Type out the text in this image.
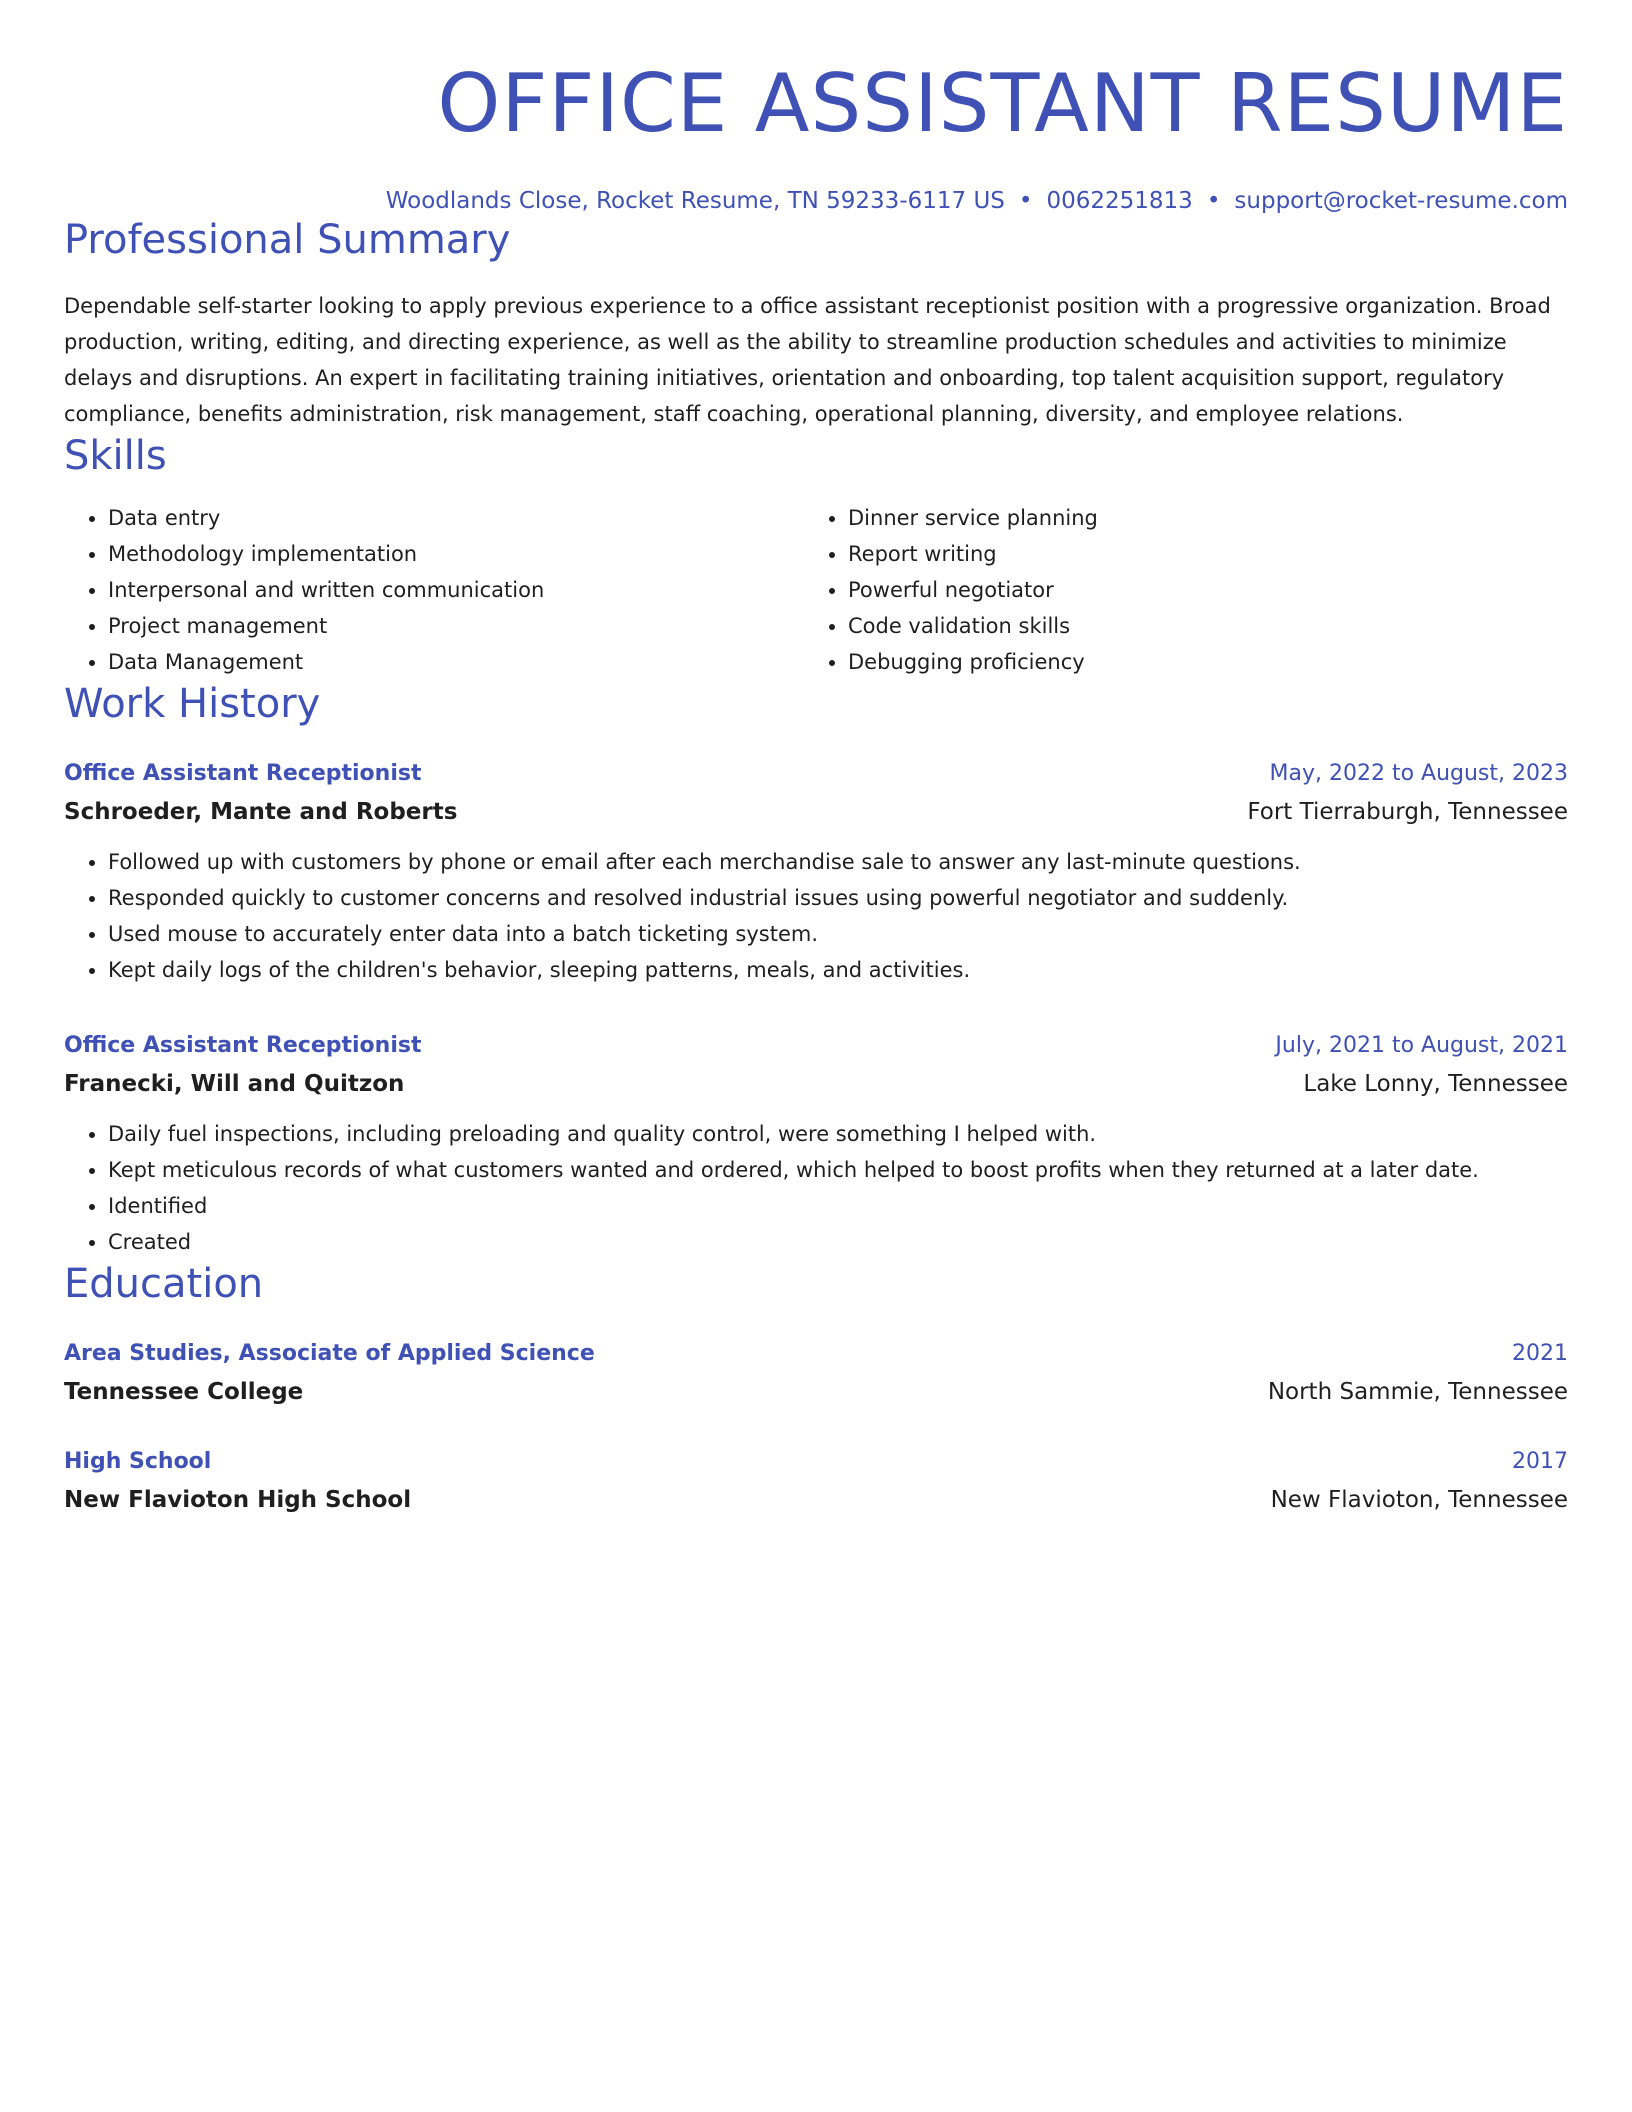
OFFICE ASSISTANT RESUME
Woodlands Close, Rocket Resume, TN 59233-6117 US • 0062251813 • support@rocket-resume.com
Professional Summary
Dependable self-starter looking to apply previous experience to a office assistant receptionist position with a progressive organization. Broad production, writing, editing, and directing experience, as well as the ability to streamline production schedules and activities to minimize delays and disruptions. An expert in facilitating training initiatives, orientation and onboarding, top talent acquisition support, regulatory compliance, benefits administration, risk management, staff coaching, operational planning, diversity, and employee relations.
Skills
• Data entry
• Methodology implementation
• Interpersonal and written communication
• Project management
• Data Management
• Dinner service planning
• Report writing
• Powerful negotiator
• Code validation skills
• Debugging proficiency
Work History
Office Assistant Receptionist	May, 2022 to August, 2023
Schroeder, Mante and Roberts	Fort Tierraburgh, Tennessee
• Followed up with customers by phone or email after each merchandise sale to answer any last-minute questions.
• Responded quickly to customer concerns and resolved industrial issues using powerful negotiator and suddenly.
• Used mouse to accurately enter data into a batch ticketing system.
• Kept daily logs of the children's behavior, sleeping patterns, meals, and activities.
Office Assistant Receptionist	July, 2021 to August, 2021
Franecki, Will and Quitzon	Lake Lonny, Tennessee
• Daily fuel inspections, including preloading and quality control, were something I helped with.
• Kept meticulous records of what customers wanted and ordered, which helped to boost profits when they returned at a later date.
• Identified
• Created
Education
Area Studies, Associate of Applied Science	2021
Tennessee College	North Sammie, Tennessee
High School	2017
New Flavioton High School	New Flavioton, Tennessee
